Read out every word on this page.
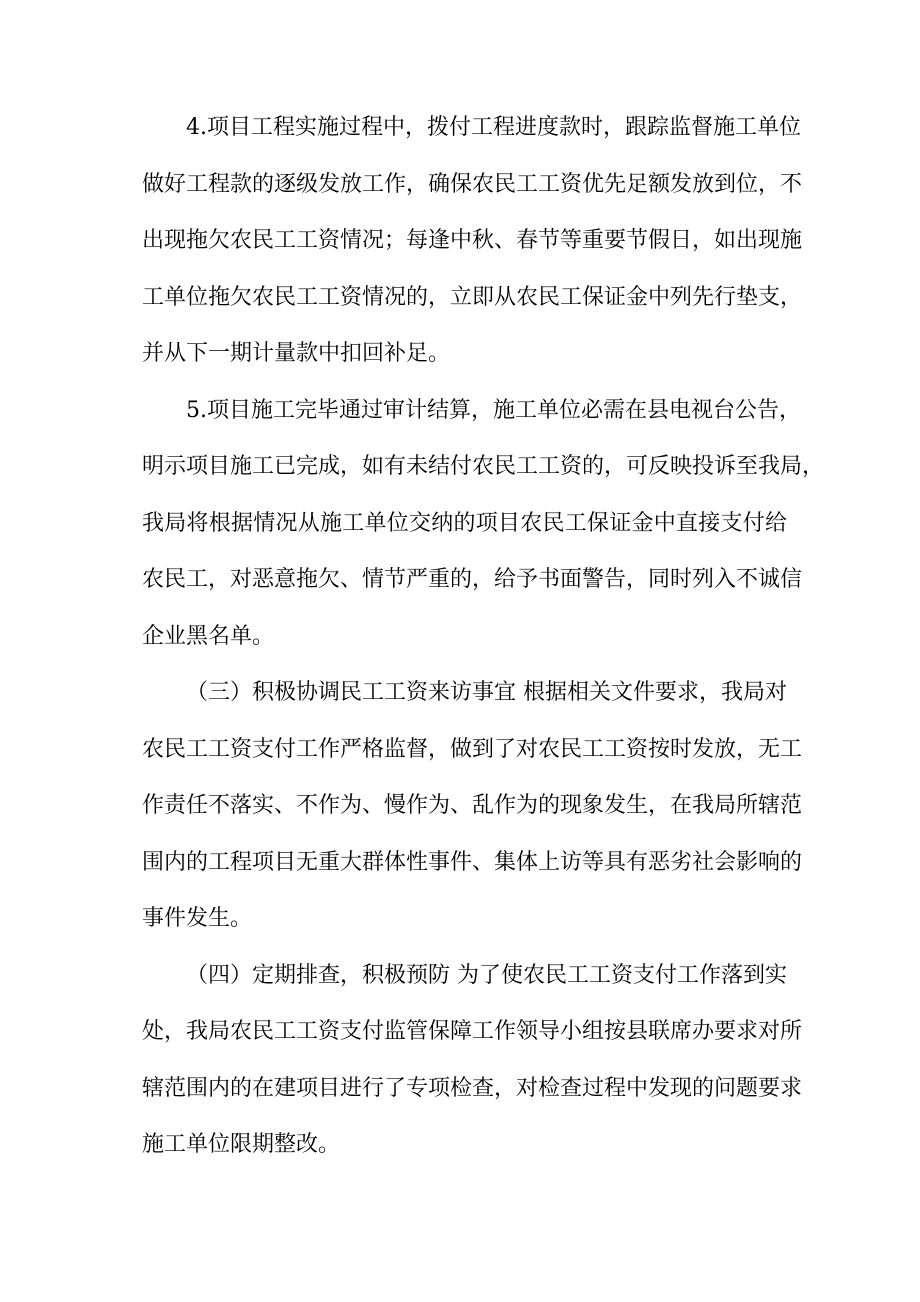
4.项目工程实施过程中，拨付工程进度款时，跟踪监督施工单位
做好工程款的逐级发放工作，确保农民工工资优先足额发放到位，不
出现拖欠农民工工资情况；每逢中秋、春节等重要节假日，如出现施
工单位拖欠农民工工资情况的，立即从农民工保证金中列先行垫支，
并从下一期计量款中扣回补足。

5.项目施工完毕通过审计结算，施工单位必需在县电视台公告，
明示项目施工已完成，如有未结付农民工工资的，可反映投诉至我局，
我局将根据情况从施工单位交纳的项目农民工保证金中直接支付给
农民工，对恶意拖欠、情节严重的，给予书面警告，同时列入不诚信
企业黑名单。

（三）积极协调民工工资来访事宜 根据相关文件要求，我局对
农民工工资支付工作严格监督，做到了对农民工工资按时发放，无工
作责任不落实、不作为、慢作为、乱作为的现象发生，在我局所辖范
围内的工程项目无重大群体性事件、集体上访等具有恶劣社会影响的
事件发生。

（四）定期排查，积极预防 为了使农民工工资支付工作落到实
处，我局农民工工资支付监管保障工作领导小组按县联席办要求对所
辖范围内的在建项目进行了专项检查，对检查过程中发现的问题要求
施工单位限期整改。
